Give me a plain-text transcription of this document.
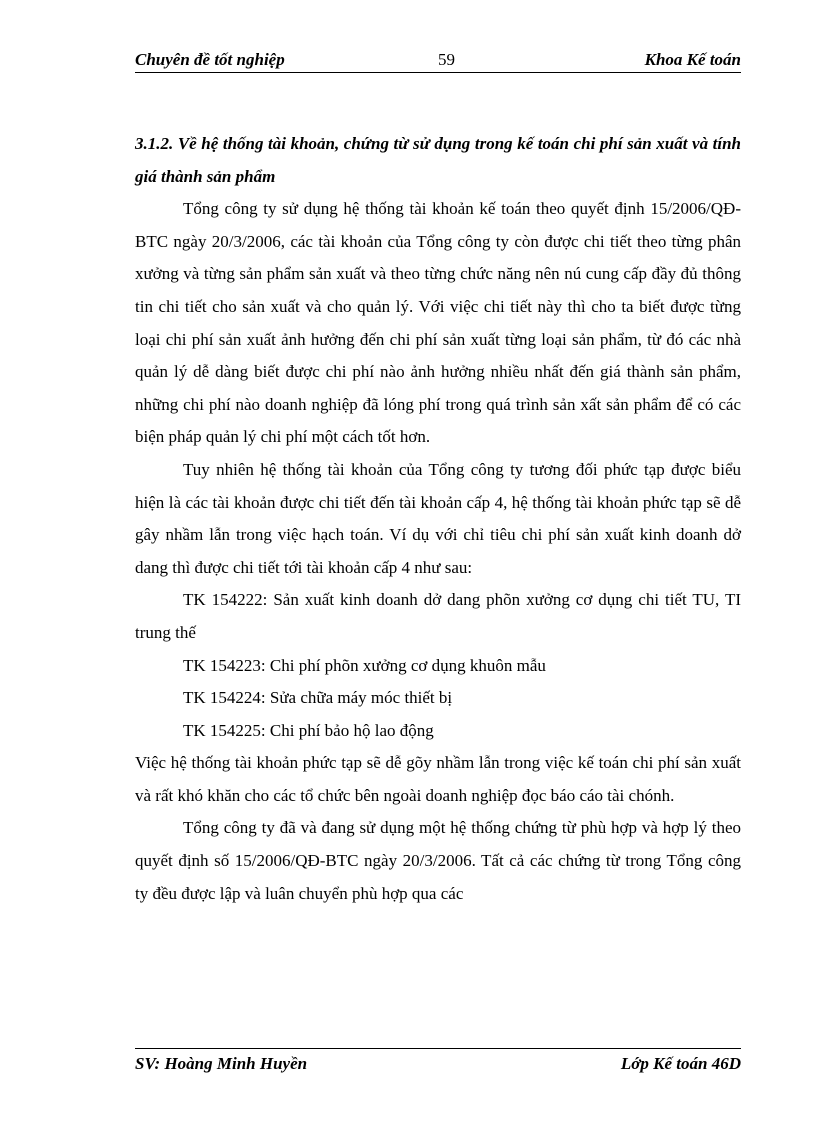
Chuyên đề tốt nghiệp	59	Khoa Kế toán

3.1.2. Về hệ thống tài khoản, chứng từ sử dụng trong kế toán chi phí sản xuất và tính giá thành sản phẩm

Tổng công ty sử dụng hệ thống tài khoản kế toán theo quyết định 15/2006/QĐ-BTC ngày 20/3/2006, các tài khoản của Tổng công ty còn được chi tiết theo từng phân xưởng và từng sản phẩm sản xuất và theo từng chức năng nên nú cung cấp đầy đủ thông tin chi tiết cho sản xuất và cho quản lý. Với việc chi tiết này thì cho ta biết được từng loại chi phí sản xuất ảnh hưởng đến chi phí sản xuất từng loại sản phẩm, từ đó các nhà quản lý dễ dàng biết được chi phí nào ảnh hưởng nhiều nhất đến giá thành sản phẩm, những chi phí nào doanh nghiệp đã lóng phí trong quá trình sản xất sản phẩm để có các biện pháp quản lý chi phí một cách tốt hơn.

Tuy nhiên hệ thống tài khoản của Tổng công ty tương đối phức tạp được biểu hiện là các tài khoản được chi tiết đến tài khoản cấp 4, hệ thống tài khoản phức tạp sẽ dễ gây nhầm lẫn trong việc hạch toán. Ví dụ với chỉ tiêu chi phí sản xuất kinh doanh dở dang thì được chi tiết tới tài khoản cấp 4 như sau:

TK 154222: Sản xuất kinh doanh dở dang phõn xưởng cơ dụng chi tiết TU, TI trung thế

TK 154223: Chi phí phõn xưởng cơ dụng khuôn mẫu

TK 154224: Sửa chữa máy móc thiết bị

TK 154225: Chi phí bảo hộ lao động

Việc hệ thống tài khoản phức tạp sẽ dễ gõy nhầm lẫn trong việc kế toán chi phí sản xuất và rất khó khăn cho các tổ chức bên ngoài doanh nghiệp đọc báo cáo tài chónh.

Tổng công ty đã và đang sử dụng một hệ thống chứng từ phù hợp và hợp lý theo quyết định số 15/2006/QĐ-BTC ngày 20/3/2006. Tất cả các chứng từ trong Tổng công ty đều được lập và luân chuyển phù hợp qua các

SV: Hoàng Minh Huyền	Lớp Kế toán 46D
